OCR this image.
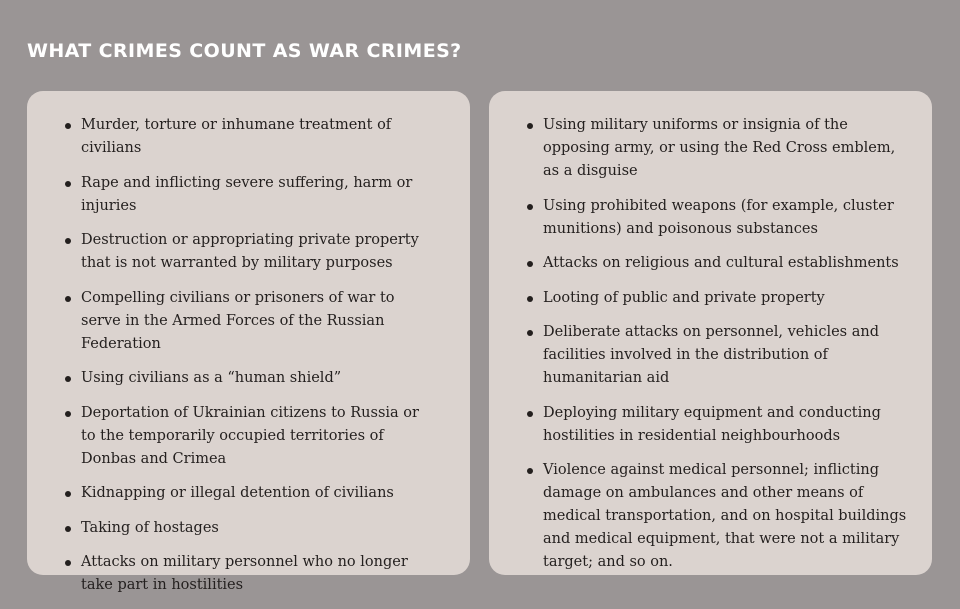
WHAT CRIMES COUNT AS WAR CRIMES?
Murder, torture or inhumane treatment of civilians
Rape and inflicting severe suffering, harm or injuries
Destruction or appropriating private property that is not warranted by military purposes
Compelling civilians or prisoners of war to serve in the Armed Forces of the Russian Federation
Using civilians as a “human shield”
Deportation of Ukrainian citizens to Russia or to the temporarily occupied territories of Donbas and Crimea
Kidnapping or illegal detention of civilians
Taking of hostages
Attacks on military personnel who no longer take part in hostilities
Using military uniforms or insignia of the opposing army, or using the Red Cross emblem, as a disguise
Using prohibited weapons (for example, cluster munitions) and poisonous substances
Attacks on religious and cultural establishments
Looting of public and private property
Deliberate attacks on personnel, vehicles and facilities involved in the distribution of humanitarian aid
Deploying military equipment and conducting hostilities in residential neighbourhoods
Violence against medical personnel; inflicting damage on ambulances and other means of medical transportation, and on hospital buildings and medical equipment, that were not a military target; and so on.
